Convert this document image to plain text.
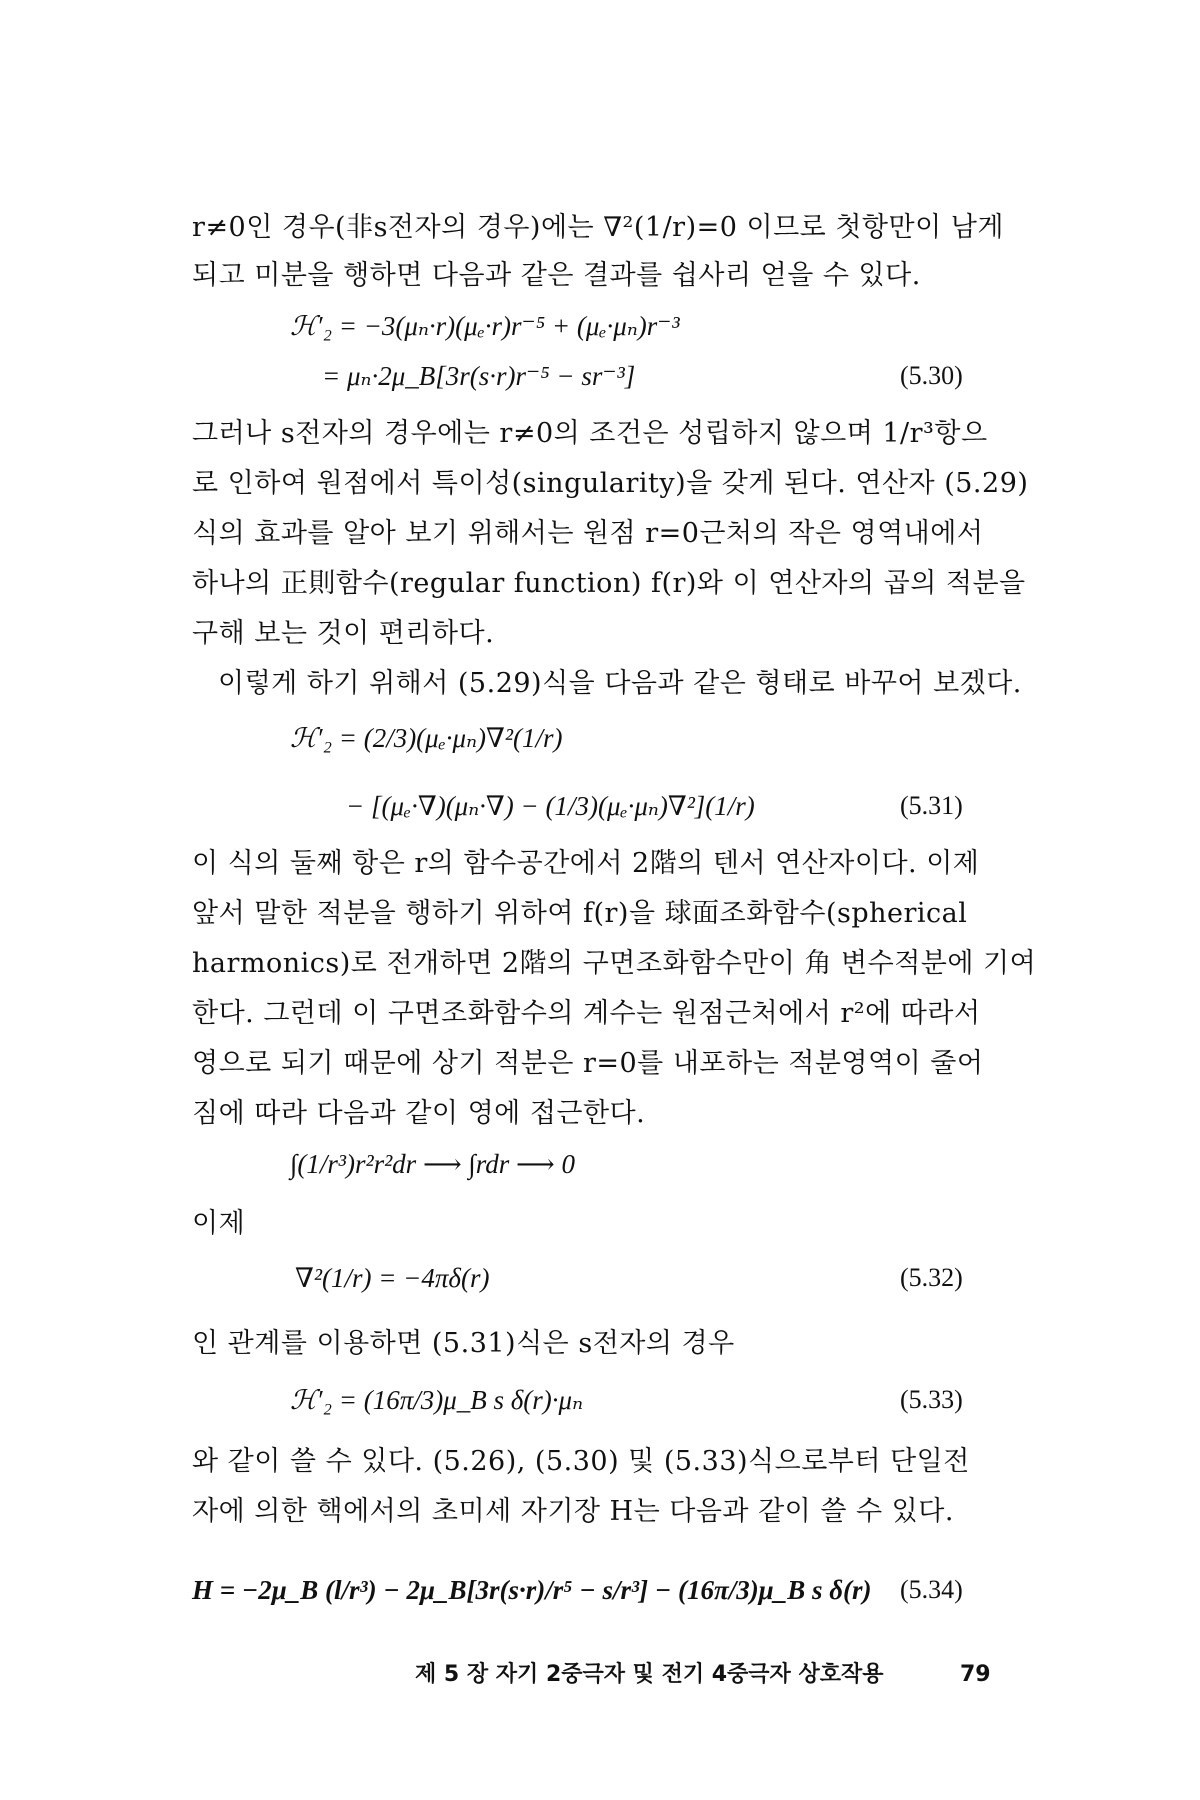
r≠0인 경우(非s전자의 경우)에는 ∇²(1/r)=0 이므로 첫항만이 남게
되고 미분을 행하면 다음과 같은 결과를 쉽사리 얻을 수 있다.
ℋ′₂ = −3(μₙ·r)(μₑ·r)r⁻⁵ + (μₑ·μₙ)r⁻³
= μₙ·2μ_B[3r(s·r)r⁻⁵ − sr⁻³]	(5.30)
그러나 s전자의 경우에는 r≠0의 조건은 성립하지 않으며 1/r³항으
로 인하여 원점에서 특이성(singularity)을 갖게 된다. 연산자 (5.29)
식의 효과를 알아 보기 위해서는 원점 r=0근처의 작은 영역내에서
하나의 正則함수(regular function) f(r)와 이 연산자의 곱의 적분을
구해 보는 것이 편리하다.
이렇게 하기 위해서 (5.29)식을 다음과 같은 형태로 바꾸어 보겠다.
ℋ′₂ = (2/3)(μₑ·μₙ)∇²(1/r)
− [(μₑ·∇)(μₙ·∇) − (1/3)(μₑ·μₙ)∇²](1/r)	(5.31)
이 식의 둘째 항은 r의 함수공간에서 2階의 텐서 연산자이다. 이제
앞서 말한 적분을 행하기 위하여 f(r)을 球面조화함수(spherical
harmonics)로 전개하면 2階의 구면조화함수만이 角 변수적분에 기여
한다. 그런데 이 구면조화함수의 계수는 원점근처에서 r²에 따라서
영으로 되기 때문에 상기 적분은 r=0를 내포하는 적분영역이 줄어
짐에 따라 다음과 같이 영에 접근한다.
∫(1/r³)r²r²dr ⟶ ∫rdr ⟶ 0
이제
∇²(1/r) = −4πδ(r)	(5.32)
인 관계를 이용하면 (5.31)식은 s전자의 경우
ℋ′₂ = (16π/3)μ_B s δ(r)·μₙ	(5.33)
와 같이 쓸 수 있다. (5.26), (5.30) 및 (5.33)식으로부터 단일전
자에 의한 핵에서의 초미세 자기장 H는 다음과 같이 쓸 수 있다.
H = −2μ_B (l/r³) − 2μ_B[3r(s·r)/r⁵ − s/r³] − (16π/3)μ_B s δ(r) (5.34)
제 5 장 자기 2중극자 및 전기 4중극자 상호작용	79
